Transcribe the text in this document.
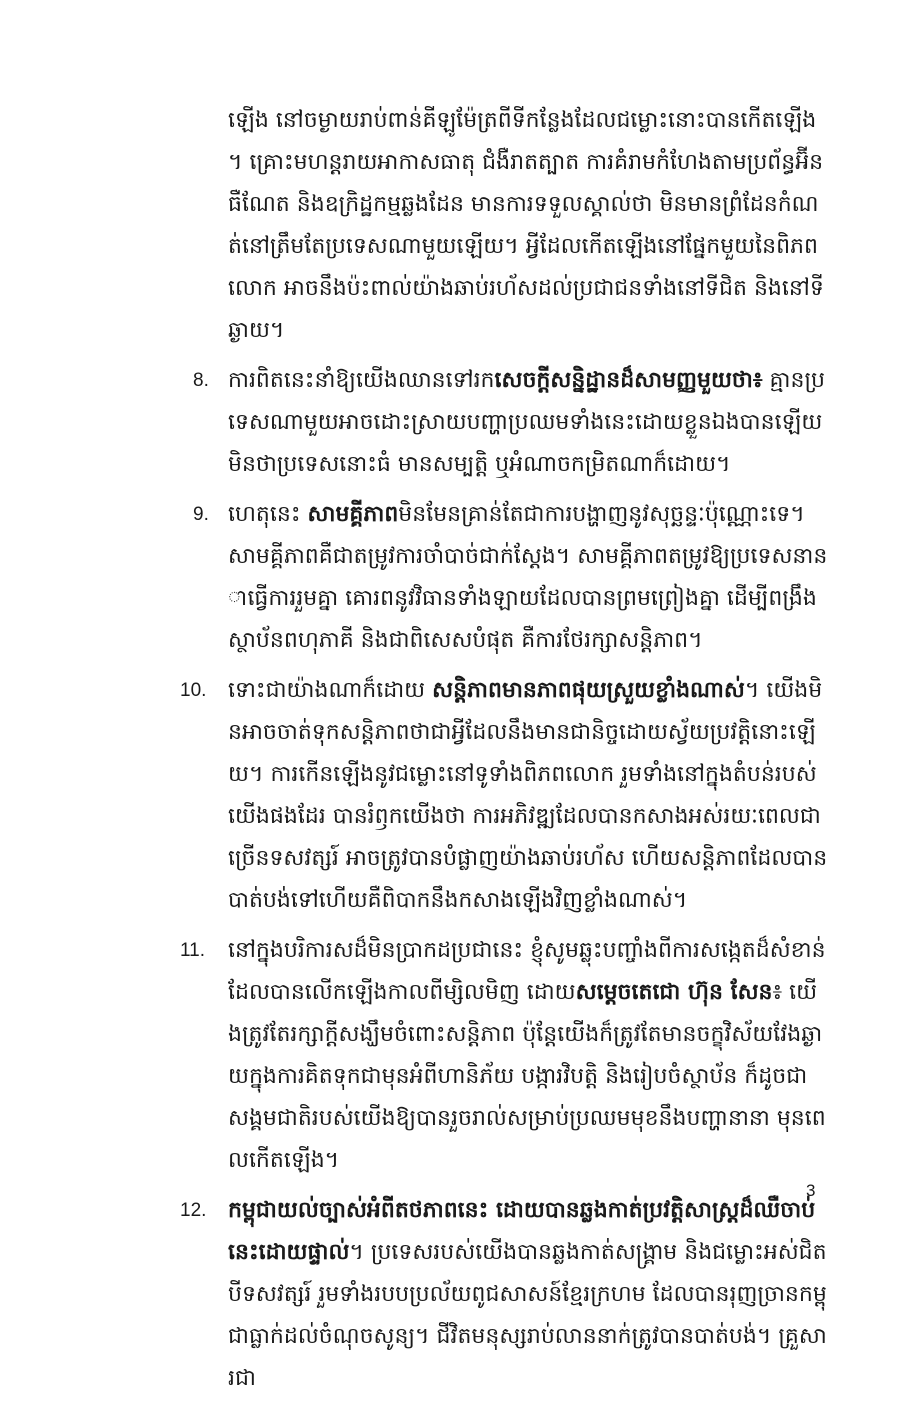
ឡើង នៅចម្ងាយរាប់ពាន់គីឡូម៉ែត្រពីទីកន្លែងដែលជម្លោះនោះបានកើតឡើង។ គ្រោះមហន្តរាយអាកាសធាតុ ជំងឺរាតត្បាត ការគំរាមកំហែងតាមប្រព័ន្ធអ៊ីនធឺណែត និងឧក្រិដ្ឋកម្មឆ្លងដែន មានការទទួលស្គាល់ថា មិនមានព្រំដែនកំណត់នៅត្រឹមតែប្រទេសណាមួយឡើយ។ អ្វីដែលកើតឡើងនៅផ្នែកមួយនៃពិភពលោក អាចនឹងប៉ះពាល់យ៉ាងឆាប់រហ័សដល់ប្រជាជនទាំងនៅទីជិត និងនៅទីឆ្ងាយ។

8. ការពិតនេះនាំឱ្យយើងឈានទៅរកសេចក្តីសន្និដ្ឋានដ៏សាមញ្ញមួយថា៖ គ្មានប្រទេសណាមួយអាចដោះស្រាយបញ្ហាប្រឈមទាំងនេះដោយខ្លួនឯងបានឡើយ មិនថាប្រទេសនោះធំ មានសម្បត្តិ ឬអំណាចកម្រិតណាក៏ដោយ។

9. ហេតុនេះ សាមគ្គីភាពមិនមែនគ្រាន់តែជាការបង្ហាញនូវសុច្ឆន្ទៈប៉ុណ្ណោះទេ។ សាមគ្គីភាពគឺជាតម្រូវការចាំបាច់ជាក់ស្តែង។ សាមគ្គីភាពតម្រូវឱ្យប្រទេសនានាធ្វើការរួមគ្នា គោរពនូវវិធានទាំងឡាយដែលបានព្រមព្រៀងគ្នា ដើម្បីពង្រឹងស្ថាប័នពហុភាគី និងជាពិសេសបំផុត គឺការថែរក្សាសន្តិភាព។

10. ទោះជាយ៉ាងណាក៏ដោយ សន្តិភាពមានភាពផុយស្រួយខ្លាំងណាស់។ យើងមិនអាចចាត់ទុកសន្តិភាពថាជាអ្វីដែលនឹងមានជានិច្ចដោយស្វ័យប្រវត្តិនោះឡើយ។ ការកើនឡើងនូវជម្លោះនៅទូទាំងពិភពលោក រួមទាំងនៅក្នុងតំបន់របស់យើងផងដែរ បានរំឭកយើងថា ការអភិវឌ្ឍដែលបានកសាងអស់រយៈពេលជាច្រើនទសវត្សរ៍ អាចត្រូវបានបំផ្លាញយ៉ាងឆាប់រហ័ស ហើយសន្តិភាពដែលបានបាត់បង់ទៅហើយគឺពិបាកនឹងកសាងឡើងវិញខ្លាំងណាស់។

11.	នៅក្នុងបរិការសដ៏មិនប្រាកដប្រជានេះ ខ្ញុំសូមឆ្លុះបញ្ចាំងពីការសង្កេតដ៏សំខាន់ដែលបានលើកឡើងកាលពីម្សិលមិញ ដោយសម្តេចតេជោ ហ៊ុន សែន៖ យើងត្រូវតែរក្សាក្តីសង្ឃឹមចំពោះសន្តិភាព ប៉ុន្តែយើងក៏ត្រូវតែមានចក្ខុវិស័យវែងឆ្ងាយក្នុងការគិតទុកជាមុនអំពីហានិភ័យ បង្ការវិបត្តិ និងរៀបចំស្ថាប័ន ក៏ដូចជាសង្គមជាតិរបស់យើងឱ្យបានរួចរាល់សម្រាប់ប្រឈមមុខនឹងបញ្ហានានា មុនពេលកើតឡើង។

12. កម្ពុជាយល់ច្បាស់អំពីតថភាពនេះ ដោយបានឆ្លងកាត់ប្រវត្តិសាស្ត្រដ៏ឈឺចាប់នេះដោយផ្ទាល់។ ប្រទេសរបស់យើងបានឆ្លងកាត់សង្គ្រាម និងជម្លោះអស់ជិតបីទសវត្សរ៍ រួមទាំងរបបប្រល័យពូជសាសន៍ខ្មែរក្រហម ដែលបានរុញច្រានកម្ពុជាធ្លាក់ដល់ចំណុចសូន្យ។ ជីវិតមនុស្សរាប់លាននាក់ត្រូវបានបាត់បង់។ គ្រួសារជា

3
